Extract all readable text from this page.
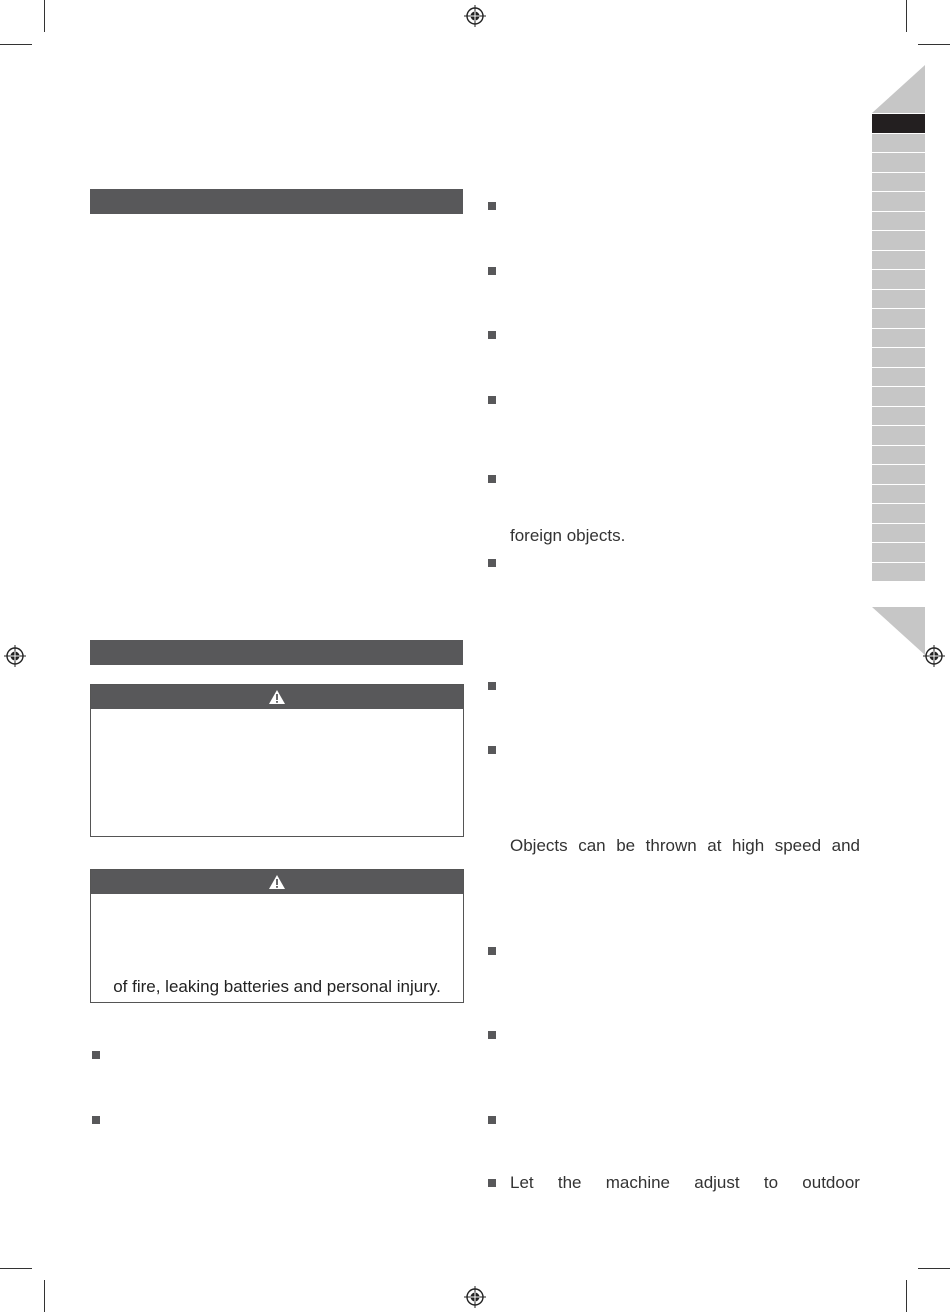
of fire, leaking batteries and personal injury.
foreign objects.
Objects can be thrown at high speed and
Let the machine adjust to outdoor
